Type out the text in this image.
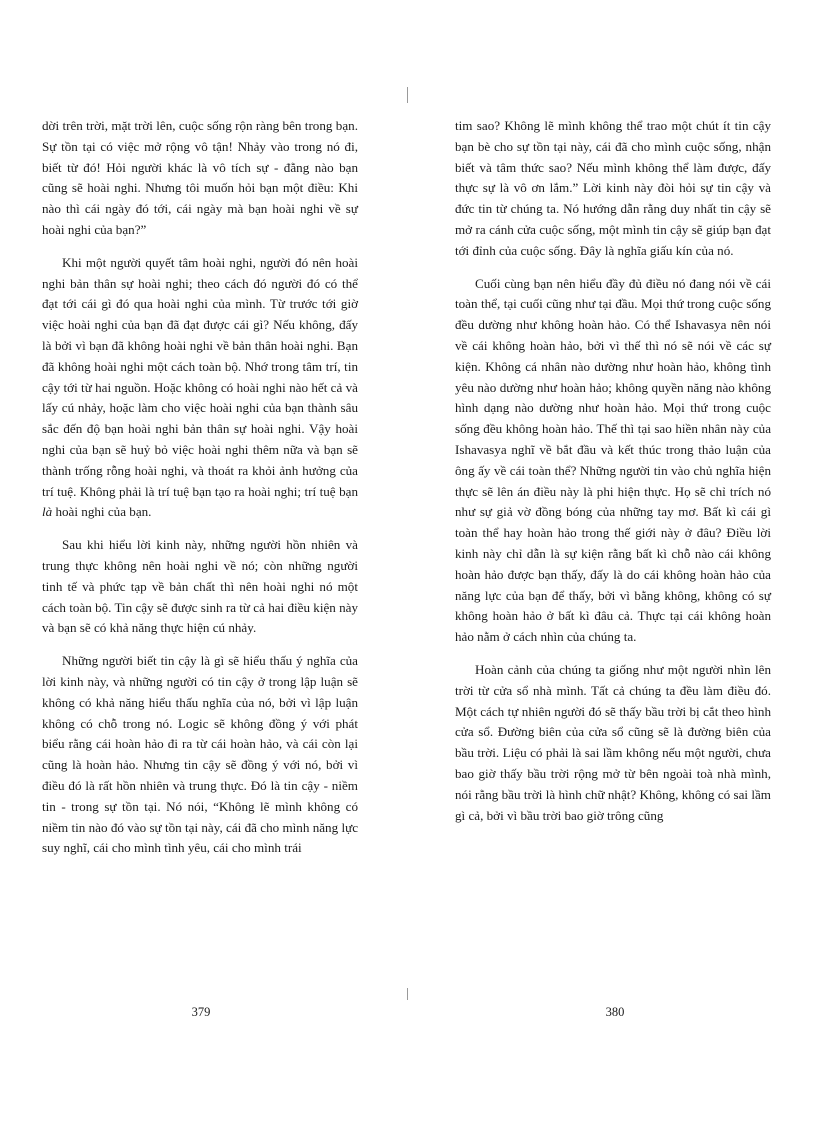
dời trên trời, mặt trời lên, cuộc sống rộn ràng bên trong bạn. Sự tồn tại có việc mở rộng vô tận! Nhảy vào trong nó đi, biết từ đó! Hỏi người khác là vô tích sự - đằng nào bạn cũng sẽ hoài nghi. Nhưng tôi muốn hỏi bạn một điều: Khi nào thì cái ngày đó tới, cái ngày mà bạn hoài nghi về sự hoài nghi của bạn?”

Khi một người quyết tâm hoài nghi, người đó nên hoài nghi bản thân sự hoài nghi; theo cách đó người đó có thể đạt tới cái gì đó qua hoài nghi của mình. Từ trước tới giờ việc hoài nghi của bạn đã đạt được cái gì? Nếu không, đấy là bởi vì bạn đã không hoài nghi về bản thân hoài nghi. Bạn đã không hoài nghi một cách toàn bộ. Nhớ trong tâm trí, tin cậy tới từ hai nguồn. Hoặc không có hoài nghi nào hết cả và lấy cú nhảy, hoặc làm cho việc hoài nghi của bạn thành sâu sắc đến độ bạn hoài nghi bản thân sự hoài nghi. Vậy hoài nghi của bạn sẽ huỷ bỏ việc hoài nghi thêm nữa và bạn sẽ thành trống rỗng hoài nghi, và thoát ra khỏi ảnh hưởng của trí tuệ. Không phải là trí tuệ bạn tạo ra hoài nghi; trí tuệ bạn là hoài nghi của bạn.

Sau khi hiểu lời kinh này, những người hồn nhiên và trung thực không nên hoài nghi về nó; còn những người tinh tế và phức tạp về bản chất thì nên hoài nghi nó một cách toàn bộ. Tin cậy sẽ được sinh ra từ cả hai điều kiện này và bạn sẽ có khả năng thực hiện cú nhảy.

Những người biết tin cậy là gì sẽ hiểu thấu ý nghĩa của lời kinh này, và những người có tin cậy ở trong lập luận sẽ không có khả năng hiểu thấu nghĩa của nó, bởi vì lập luận không có chỗ trong nó. Logic sẽ không đồng ý với phát biểu rằng cái hoàn hảo đi ra từ cái hoàn hảo, và cái còn lại cũng là hoàn hảo. Nhưng tin cậy sẽ đồng ý với nó, bởi vì điều đó là rất hồn nhiên và trung thực. Đó là tin cậy - niềm tin - trong sự tồn tại. Nó nói, “Không lẽ mình không có niềm tin nào đó vào sự tồn tại này, cái đã cho mình năng lực suy nghĩ, cái cho mình tình yêu, cái cho mình trái

tim sao? Không lẽ mình không thể trao một chút ít tin cậy bạn bè cho sự tồn tại này, cái đã cho mình cuộc sống, nhận biết và tâm thức sao? Nếu mình không thể làm được, đấy thực sự là vô ơn lắm.” Lời kinh này đòi hỏi sự tin cậy và đức tin từ chúng ta. Nó hướng dẫn rằng duy nhất tin cậy sẽ mở ra cánh cửa cuộc sống, một mình tin cậy sẽ giúp bạn đạt tới đỉnh của cuộc sống. Đây là nghĩa giấu kín của nó.

Cuối cùng bạn nên hiểu đầy đủ điều nó đang nói về cái toàn thể, tại cuối cũng như tại đầu. Mọi thứ trong cuộc sống đều dường như không hoàn hảo. Có thể Ishavasya nên nói về cái không hoàn hảo, bởi vì thế thì nó sẽ nói về các sự kiện. Không cá nhân nào dường như hoàn hảo, không tình yêu nào dường như hoàn hảo; không quyền năng nào không hình dạng nào dường như hoàn hảo. Mọi thứ trong cuộc sống đều không hoàn hảo. Thế thì tại sao hiền nhân này của Ishavasya nghĩ về bắt đầu và kết thúc trong thảo luận của ông ấy về cái toàn thể? Những người tin vào chủ nghĩa hiện thực sẽ lên án điều này là phi hiện thực. Họ sẽ chỉ trích nó như sự giả vờ đồng bóng của những tay mơ. Bất kì cái gì toàn thể hay hoàn hảo trong thế giới này ở đâu? Điều lời kinh này chỉ dẫn là sự kiện rằng bất kì chỗ nào cái không hoàn hảo được bạn thấy, đấy là do cái không hoàn hảo của năng lực của bạn để thấy, bởi vì bằng không, không có sự không hoàn hảo ở bất kì đâu cả. Thực tại cái không hoàn hảo nằm ở cách nhìn của chúng ta.

Hoàn cảnh của chúng ta giống như một người nhìn lên trời từ cửa sổ nhà mình. Tất cả chúng ta đều làm điều đó. Một cách tự nhiên người đó sẽ thấy bầu trời bị cắt theo hình cửa sổ. Đường biên của cửa sổ cũng sẽ là đường biên của bầu trời. Liệu có phải là sai lầm không nếu một người, chưa bao giờ thấy bầu trời rộng mở từ bên ngoài toà nhà mình, nói rằng bầu trời là hình chữ nhật? Không, không có sai lầm gì cả, bởi vì bầu trời bao giờ trông cũng

379	380
